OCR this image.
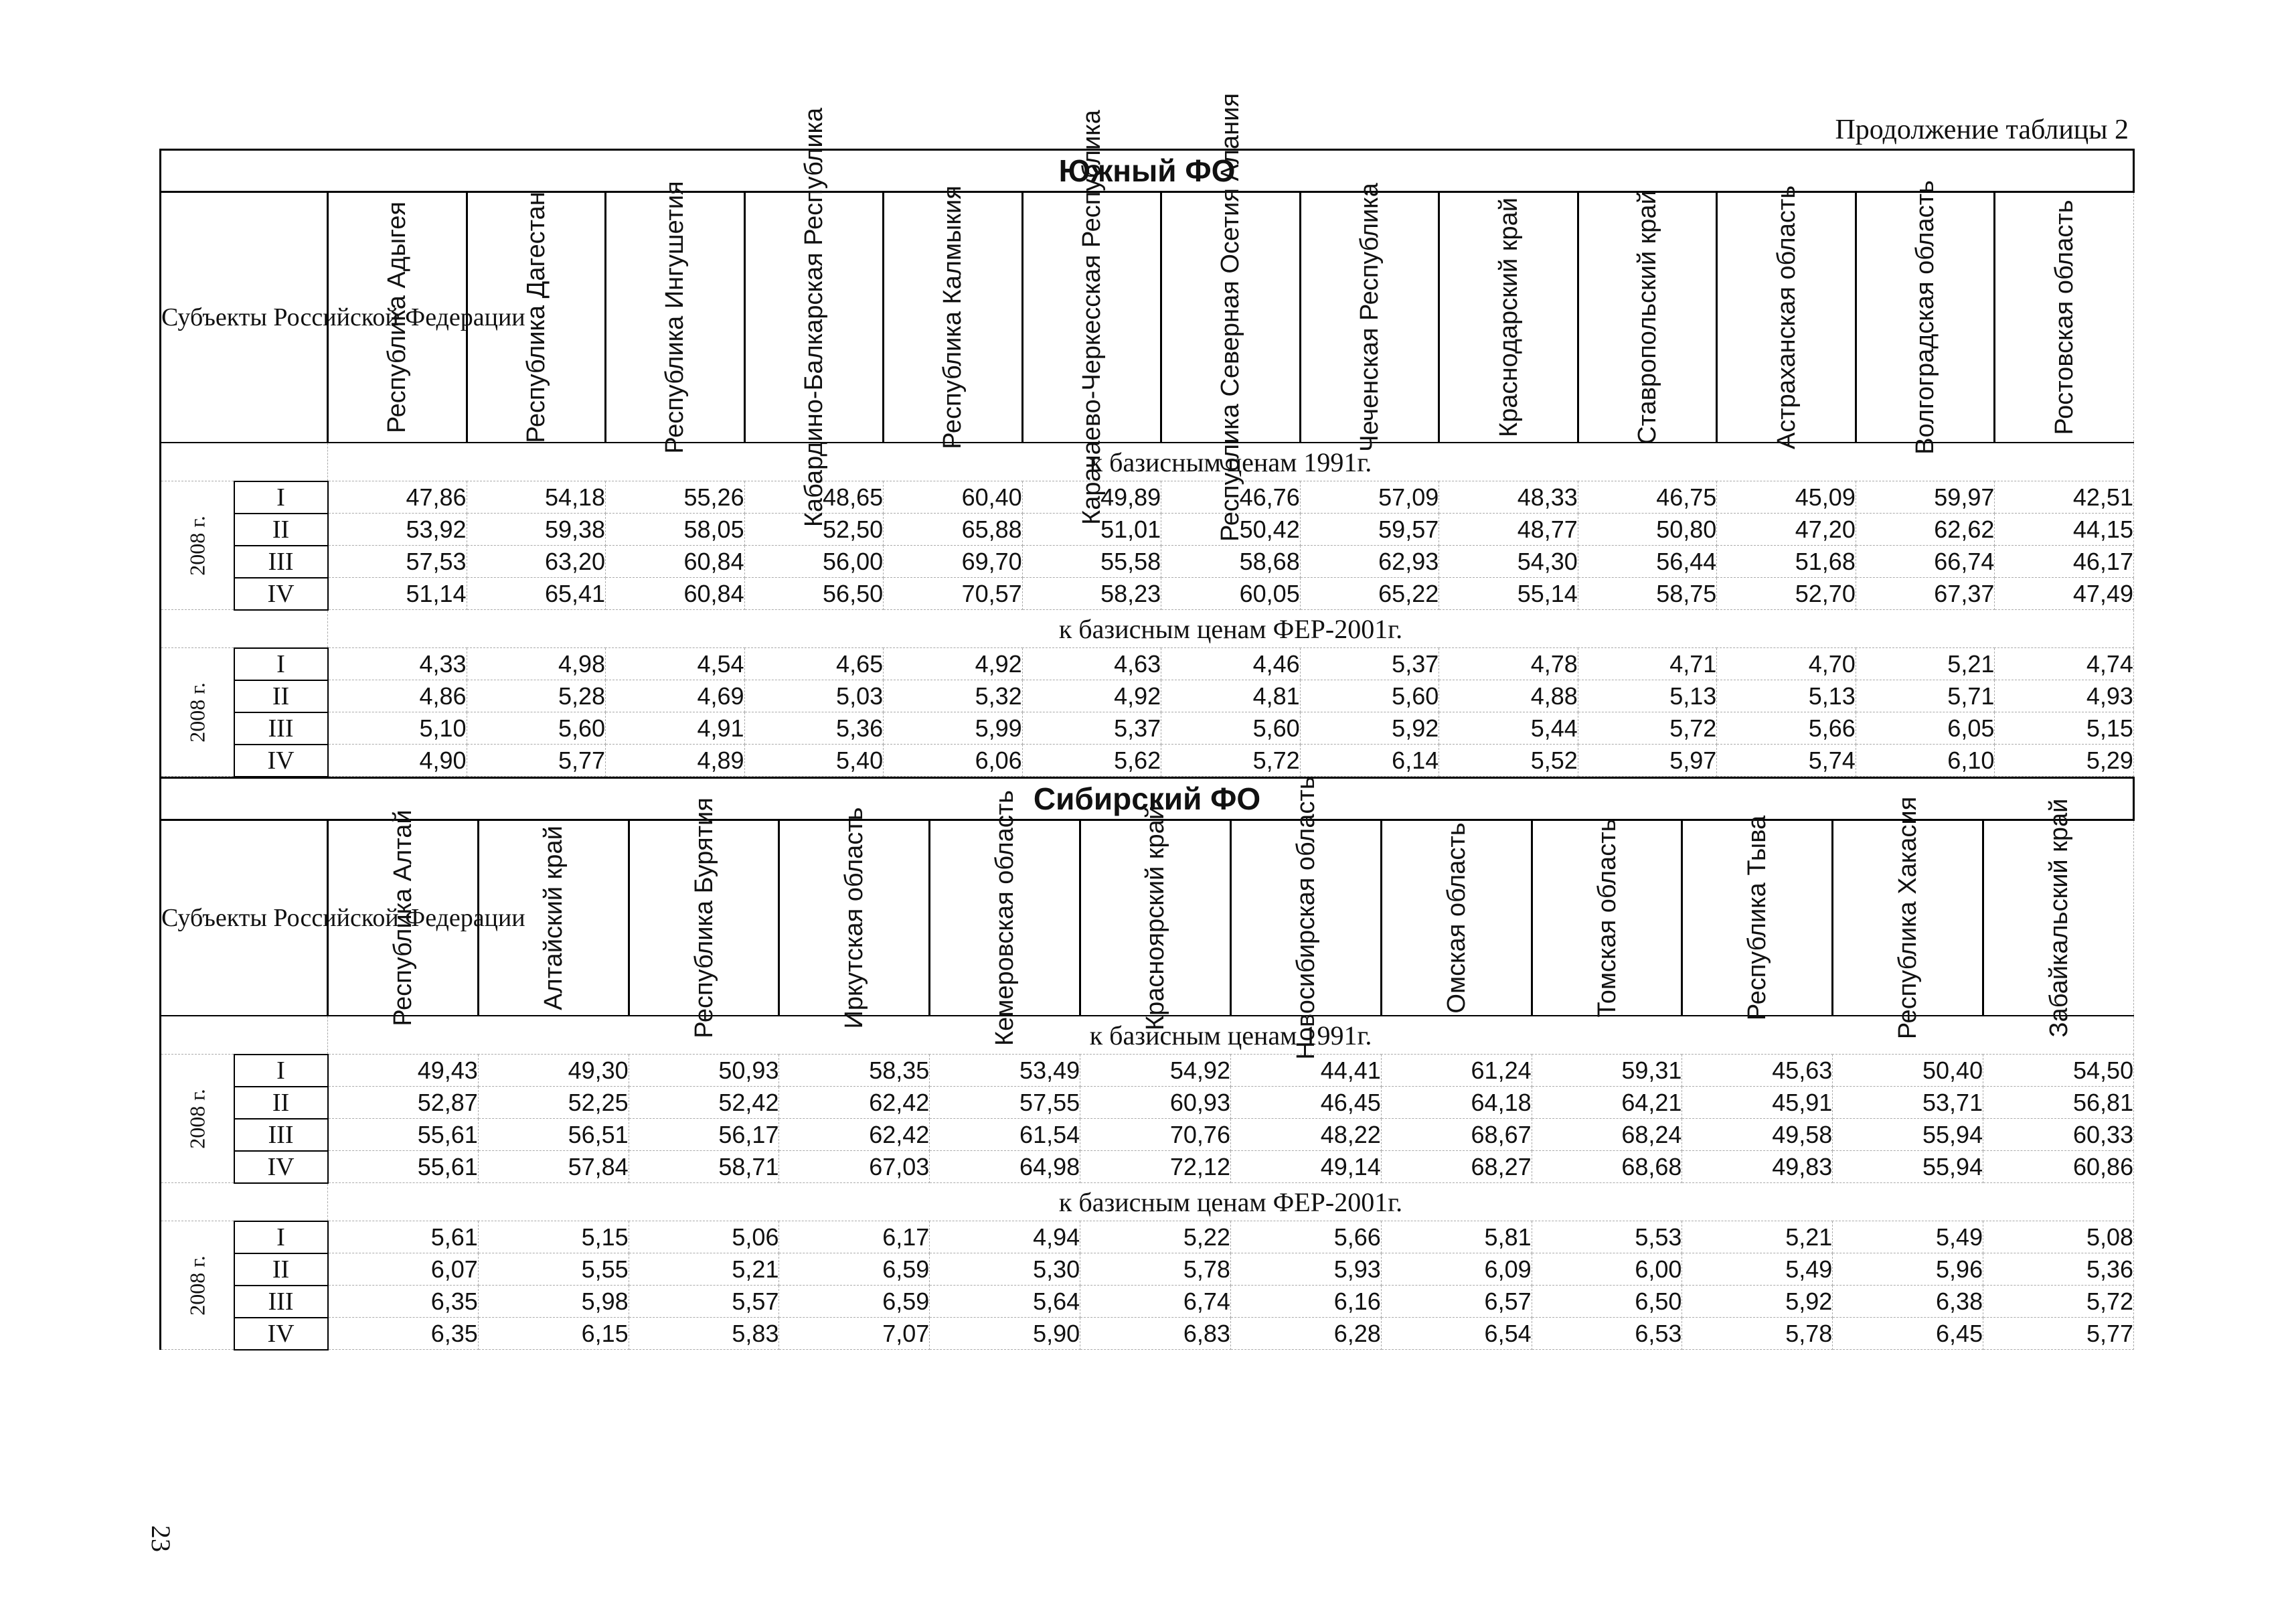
23
Продолжение таблицы 2
Южный ФО														
Субъекты Российской Федерации		Республика Адыгея	Республика Дагестан	Республика Ингушетия	Кабардино-Балкарская Республика	Республика Калмыкия	Карачаево-Черкесская Республика	Республика Северная Осетия Алания	Чеченская Республика	Краснодарский край	Ставропольский край	Астраханская область	Волгоградская область	Ростовская область

		к базисным ценам 1991г.												

2008 г.	I	47,86	54,18	55,26	48,65	60,40	49,89	46,76	57,09	48,33	46,75	45,09	59,97	42,51
	II	53,92	59,38	58,05	52,50	65,88	51,01	50,42	59,57	48,77	50,80	47,20	62,62	44,15
	III	57,53	63,20	60,84	56,00	69,70	55,58	58,68	62,93	54,30	56,44	51,68	66,74	46,17
	IV	51,14	65,41	60,84	56,50	70,57	58,23	60,05	65,22	55,14	58,75	52,70	67,37	47,49
		к базисным ценам ФЕР-2001г.												

2008 г.	I	4,33	4,98	4,54	4,65	4,92	4,63	4,46	5,37	4,78	4,71	4,70	5,21	4,74
	II	4,86	5,28	4,69	5,03	5,32	4,92	4,81	5,60	4,88	5,13	5,13	5,71	4,93
	III	5,10	5,60	4,91	5,36	5,99	5,37	5,60	5,92	5,44	5,72	5,66	6,05	5,15
	IV	4,90	5,77	4,89	5,40	6,06	5,62	5,72	6,14	5,52	5,97	5,74	6,10	5,29
Сибирский ФО													
Субъекты Российской Федерации		Республика Алтай	Алтайский край	Республика Бурятия	Иркутская область	Кемеровская область	Красноярский край	Новосибирская область	Омская область	Томская область	Республика Тыва	Республика Хакасия	Забайкальский край

		к базисным ценам 1991г.											

2008 г.	I	49,43	49,30	50,93	58,35	53,49	54,92	44,41	61,24	59,31	45,63	50,40	54,50
	II	52,87	52,25	52,42	62,42	57,55	60,93	46,45	64,18	64,21	45,91	53,71	56,81
	III	55,61	56,51	56,17	62,42	61,54	70,76	48,22	68,67	68,24	49,58	55,94	60,33
	IV	55,61	57,84	58,71	67,03	64,98	72,12	49,14	68,27	68,68	49,83	55,94	60,86
		к базисным ценам ФЕР-2001г.											

2008 г.	I	5,61	5,15	5,06	6,17	4,94	5,22	5,66	5,81	5,53	5,21	5,49	5,08
	II	6,07	5,55	5,21	6,59	5,30	5,78	5,93	6,09	6,00	5,49	5,96	5,36
	III	6,35	5,98	5,57	6,59	5,64	6,74	6,16	6,57	6,50	5,92	6,38	5,72
	IV	6,35	6,15	5,83	7,07	5,90	6,83	6,28	6,54	6,53	5,78	6,45	5,77
